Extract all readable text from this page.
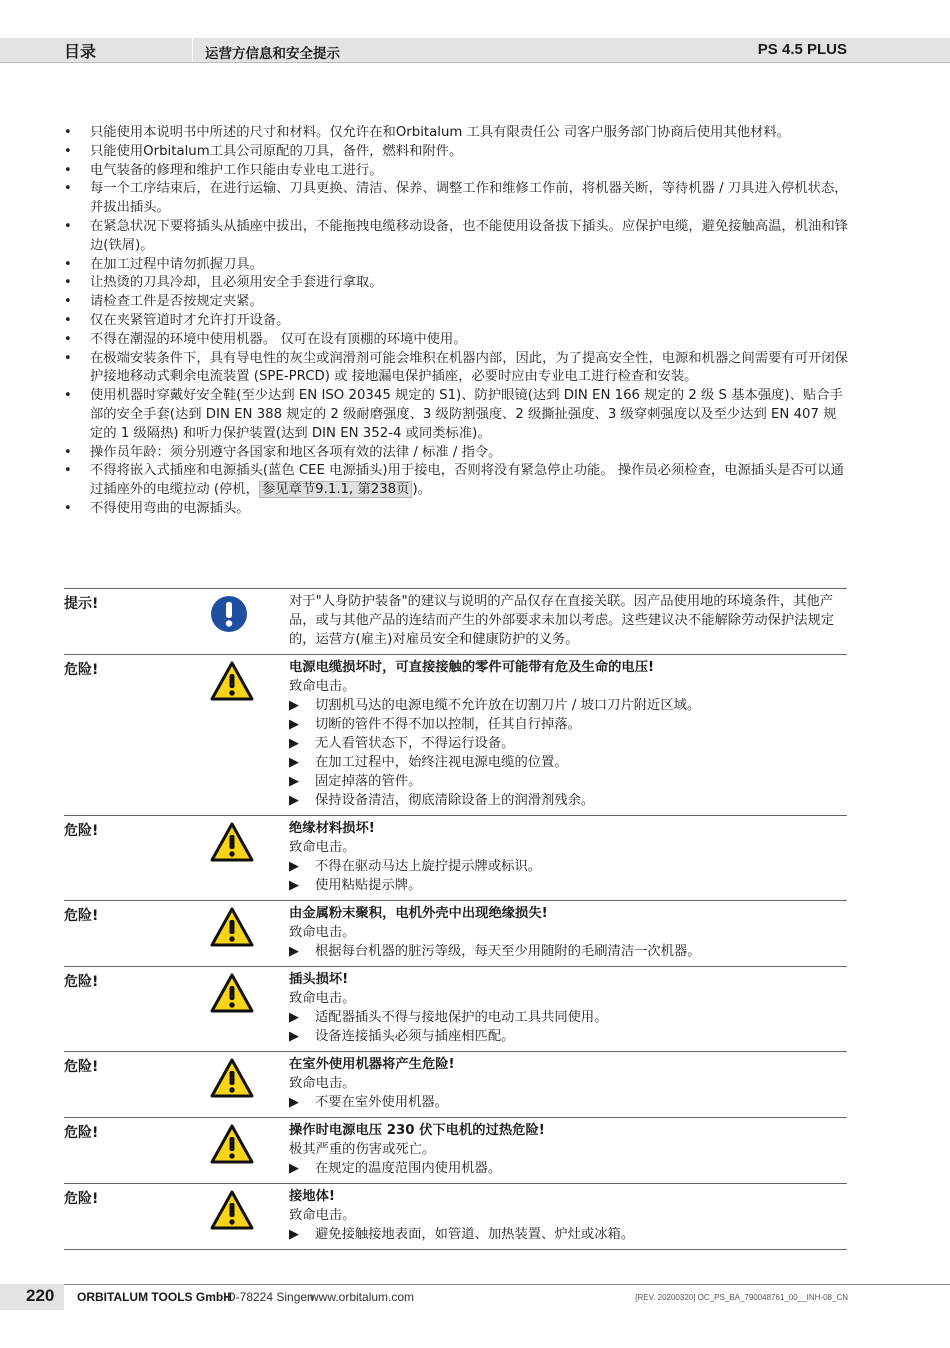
目录	运营方信息和安全提示	PS 4.5 PLUS
• 只能使用本说明书中所述的尺寸和材料。仅允许在和Orbitalum 工具有限责任公 司客户服务部门协商后使用其他材料。
• 只能使用Orbitalum工具公司原配的刀具，备件，燃料和附件。
• 电气装备的修理和维护工作只能由专业电工进行。
• 每一个工序结束后，在进行运输、刀具更换、清洁、保养、调整工作和维修工作前，将机器关断，等待机器 / 刀具进入停机状态，并拔出插头。
• 在紧急状况下要将插头从插座中拔出，不能拖拽电缆移动设备，也不能使用设备拔下插头。应保护电缆，避免接触高温，机油和锋边(铁屑)。
• 在加工过程中请勿抓握刀具。
• 让热烫的刀具冷却，且必须用安全手套进行拿取。
• 请检查工件是否按规定夹紧。
• 仅在夹紧管道时才允许打开设备。
• 不得在潮湿的环境中使用机器。 仅可在设有顶棚的环境中使用。
• 在极端安装条件下，具有导电性的灰尘或润滑剂可能会堆积在机器内部，因此，为了提高安全性，电源和机器之间需要有可开闭保护接地移动式剩余电流装置 (SPE-PRCD) 或 接地漏电保护插座，必要时应由专业电工进行检查和安装。
• 使用机器时穿戴好安全鞋(至少达到 EN ISO 20345 规定的 S1)、防护眼镜(达到 DIN EN 166 规定的 2 级 S 基本强度)、贴合手部的安全手套(达到 DIN EN 388 规定的 2 级耐磨强度、3 级防割强度、2 级撕扯强度、3 级穿刺强度以及至少达到 EN 407 规定的 1 级隔热) 和听力保护装置(达到 DIN EN 352-4 或同类标准)。
• 操作员年龄：须分别遵守各国家和地区各项有效的法律 / 标准 / 指令。
• 不得将嵌入式插座和电源插头(蓝色 CEE 电源插头)用于接电，否则将没有紧急停止功能。 操作员必须检查，电源插头是否可以通过插座外的电缆拉动 (停机， 参见章节9.1.1, 第238页 )。
• 不得使用弯曲的电源插头。
提示!	对于"人身防护装备"的建议与说明的产品仅存在直接关联。因产品使用地的环境条件，其他产品，或与其他产品的连结而产生的外部要求未加以考虑。这些建议决不能解除劳动保护法规定的，运营方(雇主)对雇员安全和健康防护的义务。
危险!	电源电缆损坏时，可直接接触的零件可能带有危及生命的电压!
致命电击。
▶ 切割机马达的电源电缆不允许放在切割刀片 / 坡口刀片附近区域。
▶ 切断的管件不得不加以控制，任其自行掉落。
▶ 无人看管状态下，不得运行设备。
▶ 在加工过程中，始终注视电源电缆的位置。
▶ 固定掉落的管件。
▶ 保持设备清洁，彻底清除设备上的润滑剂残余。
危险!	绝缘材料损坏!
致命电击。
▶ 不得在驱动马达上旋拧提示牌或标识。
▶ 使用粘贴提示牌。
危险!	由金属粉末聚积，电机外壳中出现绝缘损失!
致命电击。
▶ 根据每台机器的脏污等级，每天至少用随附的毛刷清洁一次机器。
危险!	插头损坏!
致命电击。
▶ 适配器插头不得与接地保护的电动工具共同使用。
▶ 设备连接插头必须与插座相匹配。
危险!	在室外使用机器将产生危险!
致命电击。
▶ 不要在室外使用机器。
危险!	操作时电源电压 230 伏下电机的过热危险!
极其严重的伤害或死亡。
▶ 在规定的温度范围内使用机器。
危险!	接地体!
致命电击。
▶ 避免接触接地表面，如管道、加热装置、炉灶或冰箱。
220 ORBITALUM TOOLS GmbH
D-78224 Singen
www.orbitalum.com	[REV. 20200320] OC_PS_BA_790048761_00__INH-08_CN
